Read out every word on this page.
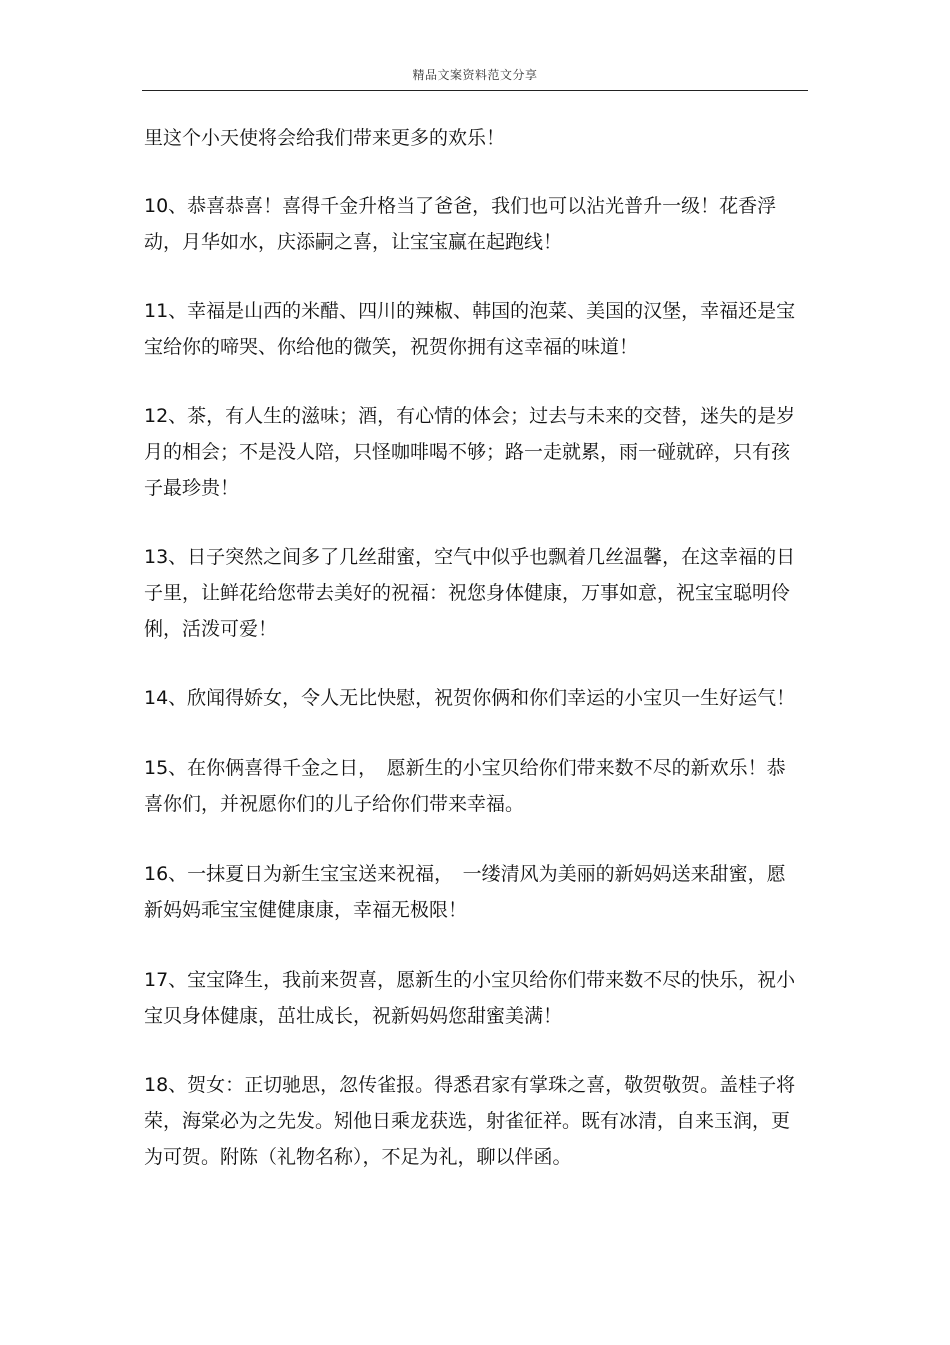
精品文案资料范文分享

里这个小天使将会给我们带来更多的欢乐！

10、恭喜恭喜！喜得千金升格当了爸爸，我们也可以沾光普升一级！花香浮动，月华如水，庆添嗣之喜，让宝宝赢在起跑线！

11、幸福是山西的米醋、四川的辣椒、韩国的泡菜、美国的汉堡，幸福还是宝宝给你的啼哭、你给他的微笑，祝贺你拥有这幸福的味道！

12、茶，有人生的滋味；酒，有心情的体会；过去与未来的交替，迷失的是岁月的相会；不是没人陪，只怪咖啡喝不够；路一走就累，雨一碰就碎，只有孩子最珍贵！

13、日子突然之间多了几丝甜蜜，空气中似乎也飘着几丝温馨，在这幸福的日子里，让鲜花给您带去美好的祝福：祝您身体健康，万事如意，祝宝宝聪明伶俐，活泼可爱！

14、欣闻得娇女，令人无比快慰，祝贺你俩和你们幸运的小宝贝一生好运气！

15、在你俩喜得千金之日，　愿新生的小宝贝给你们带来数不尽的新欢乐！恭喜你们，并祝愿你们的儿子给你们带来幸福。

16、一抹夏日为新生宝宝送来祝福，　一缕清风为美丽的新妈妈送来甜蜜，愿新妈妈乖宝宝健健康康，幸福无极限！

17、宝宝降生，我前来贺喜，愿新生的小宝贝给你们带来数不尽的快乐，祝小宝贝身体健康，茁壮成长，祝新妈妈您甜蜜美满！

18、贺女：正切驰思，忽传雀报。得悉君家有掌珠之喜，敬贺敬贺。盖桂子将荣，海棠必为之先发。矧他日乘龙获选，射雀征祥。既有冰清，自来玉润，更为可贺。附陈（礼物名称），不足为礼，聊以伴函。
